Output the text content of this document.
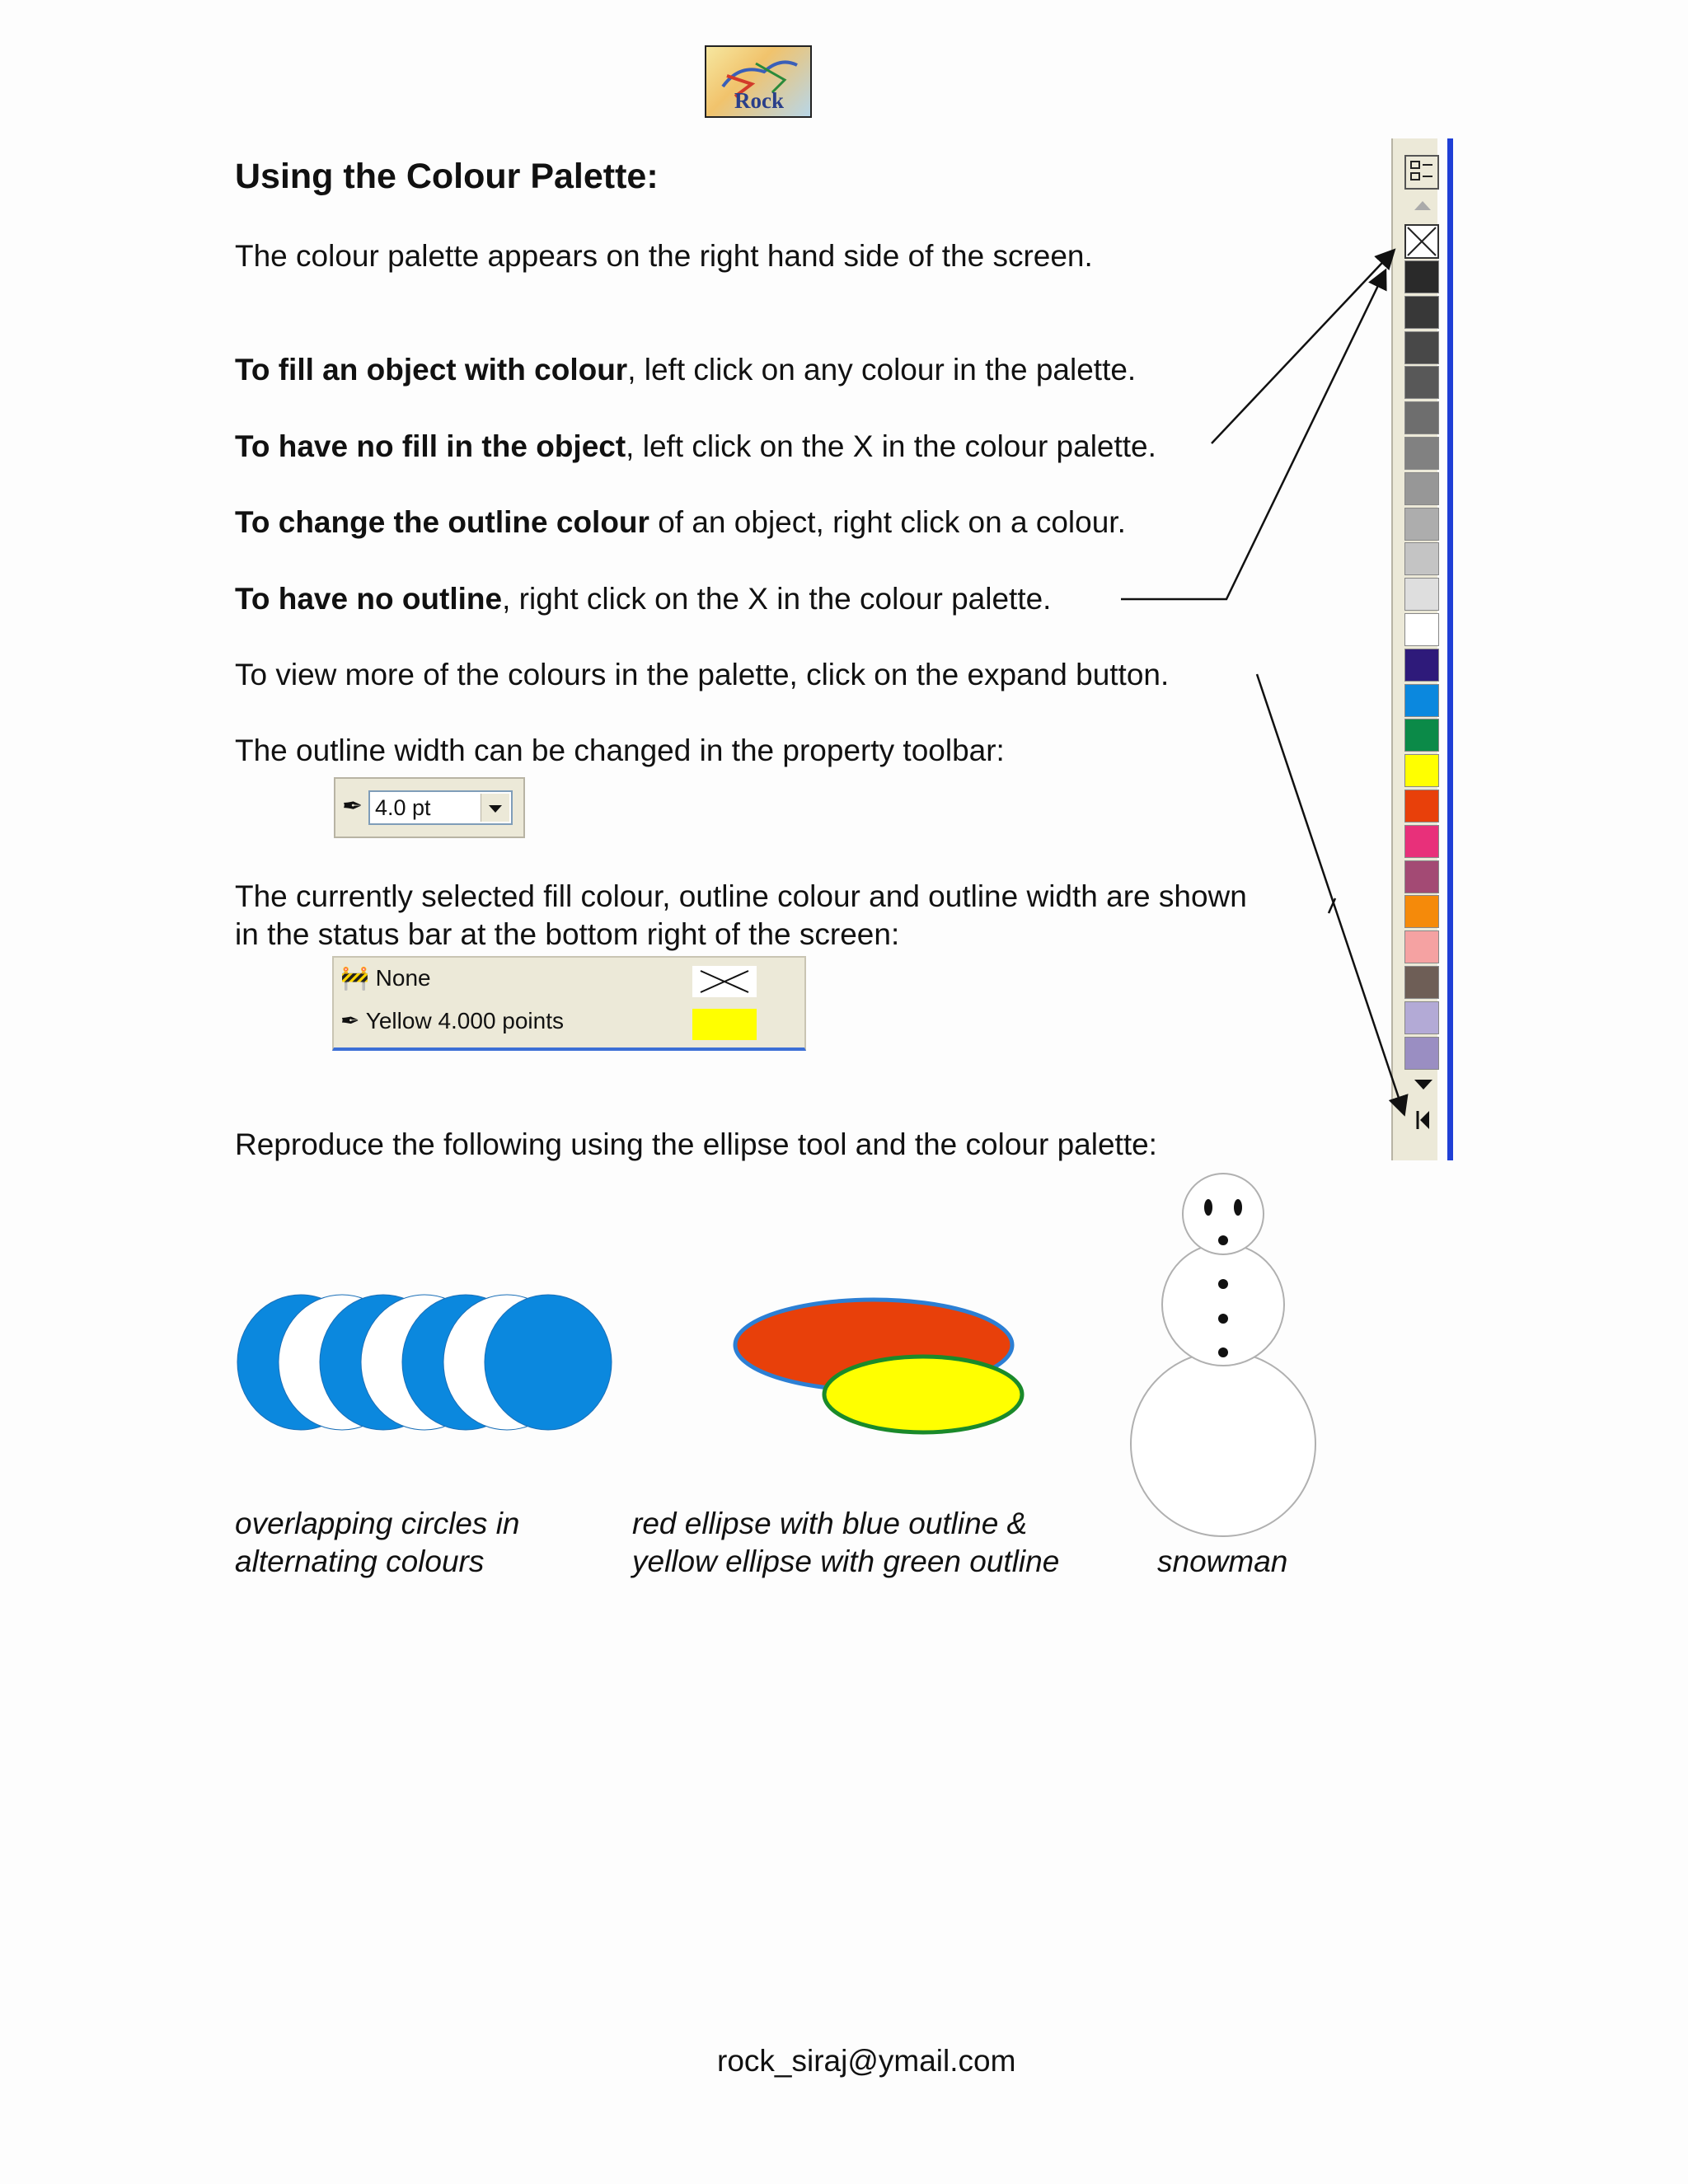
Rock
Using the Colour Palette:
The colour palette appears on the right hand side of the screen.
To fill an object with colour, left click on any colour in the palette.
To have no fill in the object, left click on the X in the colour palette.
To change the outline colour of an object, right click on a colour.
To have no outline, right click on the X in the colour palette.
To view more of the colours in the palette, click on the expand button.
The outline width can be changed in the property toolbar:
✒ 4.0 pt
The currently selected fill colour, outline colour and outline width are shown
in the status bar at the bottom right of the screen:
🚧 None
✒ Yellow 4.000 points
Reproduce the following using the ellipse tool and the colour palette:
overlapping circles in
alternating colours
red ellipse with blue outline &
yellow ellipse with green outline	snowman
rock_siraj@ymail.com
